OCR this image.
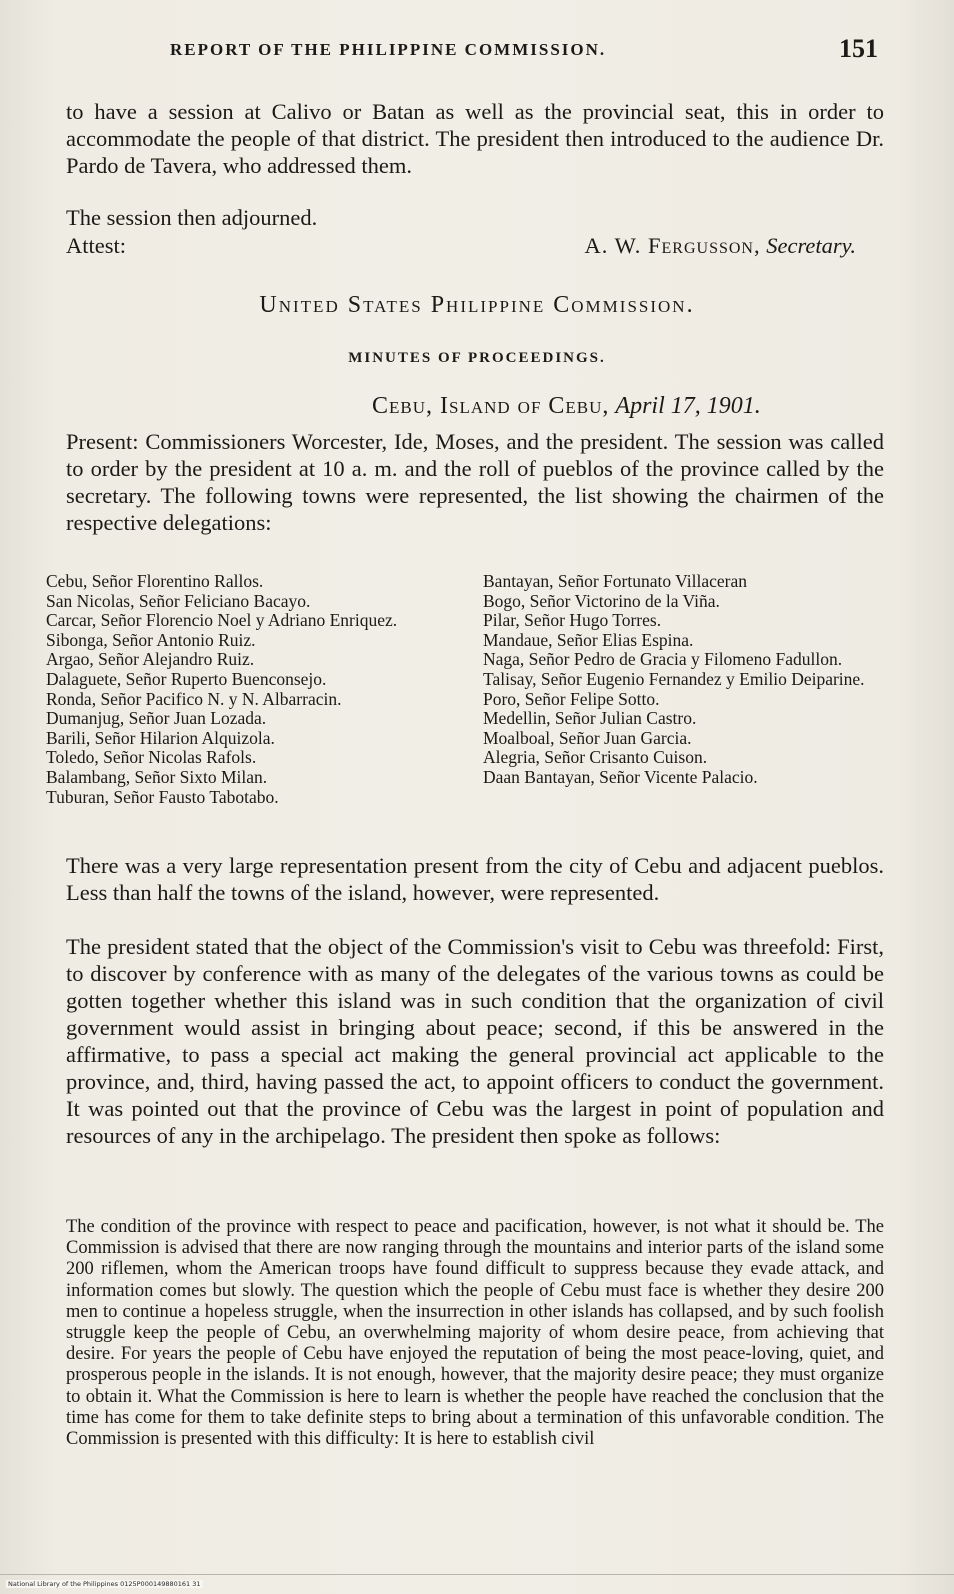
REPORT OF THE PHILIPPINE COMMISSION.	151

to have a session at Calivo or Batan as well as the provincial seat, this in order to accommodate the people of that district. The president then introduced to the audience Dr. Pardo de Tavera, who addressed them.

The session then adjourned.
Attest:	A. W. Fergusson, Secretary.
United States Philippine Commission.
MINUTES OF PROCEEDINGS.
Cebu, Island of Cebu, April 17, 1901.

Present: Commissioners Worcester, Ide, Moses, and the president. The session was called to order by the president at 10 a. m. and the roll of pueblos of the province called by the secretary. The following towns were represented, the list showing the chairmen of the respective delegations:

Cebu, Señor Florentino Rallos.
San Nicolas, Señor Feliciano Bacayo.
Carcar, Señor Florencio Noel y Adriano Enriquez.
Sibonga, Señor Antonio Ruiz.
Argao, Señor Alejandro Ruiz.
Dalaguete, Señor Ruperto Buenconsejo.
Ronda, Señor Pacifico N. y N. Albarracin.
Dumanjug, Señor Juan Lozada.
Barili, Señor Hilarion Alquizola.
Toledo, Señor Nicolas Rafols.
Balambang, Señor Sixto Milan.
Tuburan, Señor Fausto Tabotabo.
Bantayan, Señor Fortunato Villaceran
Bogo, Señor Victorino de la Viña.
Pilar, Señor Hugo Torres.
Mandaue, Señor Elias Espina.
Naga, Señor Pedro de Gracia y Filomeno Fadullon.
Talisay, Señor Eugenio Fernandez y Emilio Deiparine.
Poro, Señor Felipe Sotto.
Medellin, Señor Julian Castro.
Moalboal, Señor Juan Garcia.
Alegria, Señor Crisanto Cuison.
Daan Bantayan, Señor Vicente Palacio.

There was a very large representation present from the city of Cebu and adjacent pueblos. Less than half the towns of the island, however, were represented.

The president stated that the object of the Commission's visit to Cebu was threefold: First, to discover by conference with as many of the delegates of the various towns as could be gotten together whether this island was in such condition that the organization of civil government would assist in bringing about peace; second, if this be answered in the affirmative, to pass a special act making the general provincial act applicable to the province, and, third, having passed the act, to appoint officers to conduct the government. It was pointed out that the province of Cebu was the largest in point of population and resources of any in the archipelago. The president then spoke as follows:

The condition of the province with respect to peace and pacification, however, is not what it should be. The Commission is advised that there are now ranging through the mountains and interior parts of the island some 200 riflemen, whom the American troops have found difficult to suppress because they evade attack, and information comes but slowly. The question which the people of Cebu must face is whether they desire 200 men to continue a hopeless struggle, when the insurrection in other islands has collapsed, and by such foolish struggle keep the people of Cebu, an overwhelming majority of whom desire peace, from achieving that desire. For years the people of Cebu have enjoyed the reputation of being the most peace-loving, quiet, and prosperous people in the islands. It is not enough, however, that the majority desire peace; they must organize to obtain it. What the Commission is here to learn is whether the people have reached the conclusion that the time has come for them to take definite steps to bring about a termination of this unfavorable condition. The Commission is presented with this difficulty: It is here to establish civil

National Library of the Philippines 0125P000149880161 31
